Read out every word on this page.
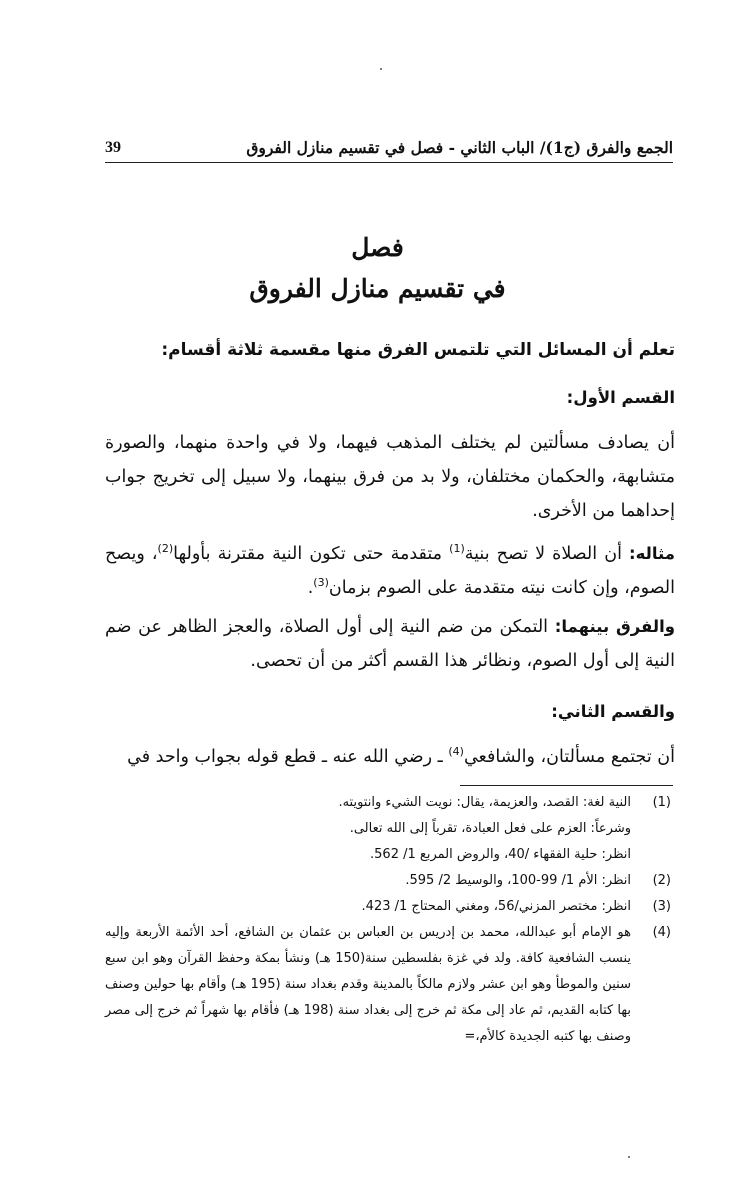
الجمع والفرق (ج1)/ الباب الثاني - فصل في تقسيم منازل الفروق
39
فصل
في تقسيم منازل الفروق
تعلم أن المسائل التي تلتمس الفرق منها مقسمة ثلاثة أقسام:
القسم الأول:
أن يصادف مسألتين لم يختلف المذهب فيهما، ولا في واحدة منهما، والصورة متشابهة، والحكمان مختلفان، ولا بد من فرق بينهما، ولا سبيل إلى تخريج جواب إحداهما من الأخرى.
مثاله: أن الصلاة لا تصح بنية$^{(1)}$ متقدمة حتى تكون النية مقترنة بأولها$^{(2)}$، ويصح الصوم، وإن كانت نيته متقدمة على الصوم بزمان$^{(3)}$.
والفرق بينهما: التمكن من ضم النية إلى أول الصلاة، والعجز الظاهر عن ضم النية إلى أول الصوم، ونظائر هذا القسم أكثر من أن تحصى.
والقسم الثاني:
أن تجتمع مسألتان، والشافعي$^{(4)}$ ـ رضي الله عنه ـ قطع قوله بجواب واحد في
(1)
النية لغة: القصد، والعزيمة، يقال: نويت الشيء وانتويته.
وشرعاً: العزم على فعل العبادة، تقرباً إلى الله تعالى.
انظر: حلية الفقهاء /40، والروض المربع 1/ 562.
(2)
انظر: الأم 1/ 99-100، والوسيط 2/ 595.
(3)
انظر: مختصر المزني/56، ومغني المحتاج 1/ 423.
(4)
هو الإمام أبو عبدالله، محمد بن إدريس بن العباس بن عثمان بن الشافع، أحد الأئمة الأربعة وإليه ينسب الشافعية كافة. ولد في غزة بفلسطين سنة(150 هـ) ونشأ بمكة وحفظ القرآن وهو ابن سبع سنين والموطأ وهو ابن عشر ولازم مالكاً بالمدينة وقدم بغداد سنة (195 هـ) وأقام بها حولين وصنف بها كتابه القديم، ثم عاد إلى مكة ثم خرج إلى بغداد سنة (198 هـ) فأقام بها شهراً ثم خرج إلى مصر وصنف بها كتبه الجديدة كالأم،=
